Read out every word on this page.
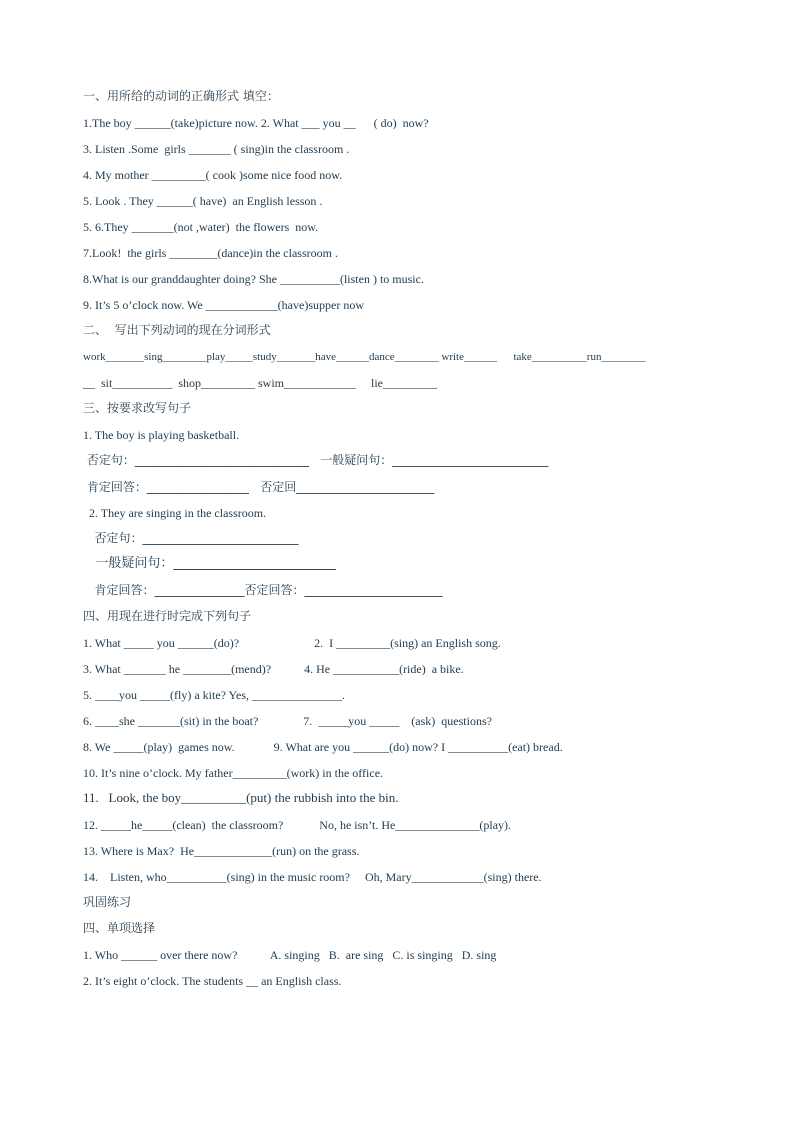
一、用所给的动词的正确形式 填空：
1.The boy ______(take)picture now. 2. What ___ you __      ( do)  now?
3. Listen .Some  girls _______ ( sing)in the classroom .
4. My mother _________( cook )some nice food now.
5. Look . They ______( have)  an English lesson .
5. 6.They _______(not ,water)  the flowers  now.
7.Look!  the girls ________(dance)in the classroom .
8.What is our granddaughter doing? She __________(listen ) to music.
9. It’s 5 o’clock now. We ____________(have)supper now
二、  写出下列动词的现在分词形式
work_______sing________play_____study_______have______dance________ write______      take__________run________
__  sit__________  shop_________ swim____________     lie_________
三、按要求改写句子
1. The boy is playing basketball.
否定句：_____________________________   一般疑问句：__________________________
肯定回答：_________________   否定回_______________________
2. They are singing in the classroom.
否定句：__________________________
一般疑问句：_________________________
肯定回答：_______________否定回答：_______________________
四、用现在进行时完成下列句子
1. What _____ you ______(do)?                         2.  I _________(sing) an English song.
3. What _______ he ________(mend)?           4. He ___________(ride)  a bike.
5. ____you _____(fly) a kite? Yes, _______________.
6. ____she _______(sit) in the boat?               7.  _____you _____    (ask)  questions?
8. We _____(play)  games now.             9. What are you ______(do) now? I __________(eat) bread.
10. It’s nine o’clock. My father_________(work) in the office.
11.   Look, the boy__________(put) the rubbish into the bin.
12. _____he_____(clean)  the classroom?            No, he isn’t. He______________(play).
13. Where is Max?  He_____________(run) on the grass.
14.    Listen, who__________(sing) in the music room?     Oh, Mary____________(sing) there.
巩固练习
四、单项选择
1. Who ______ over there now?           A. singing   B.  are sing   C. is singing   D. sing
2. It’s eight o’clock. The students __ an English class.
